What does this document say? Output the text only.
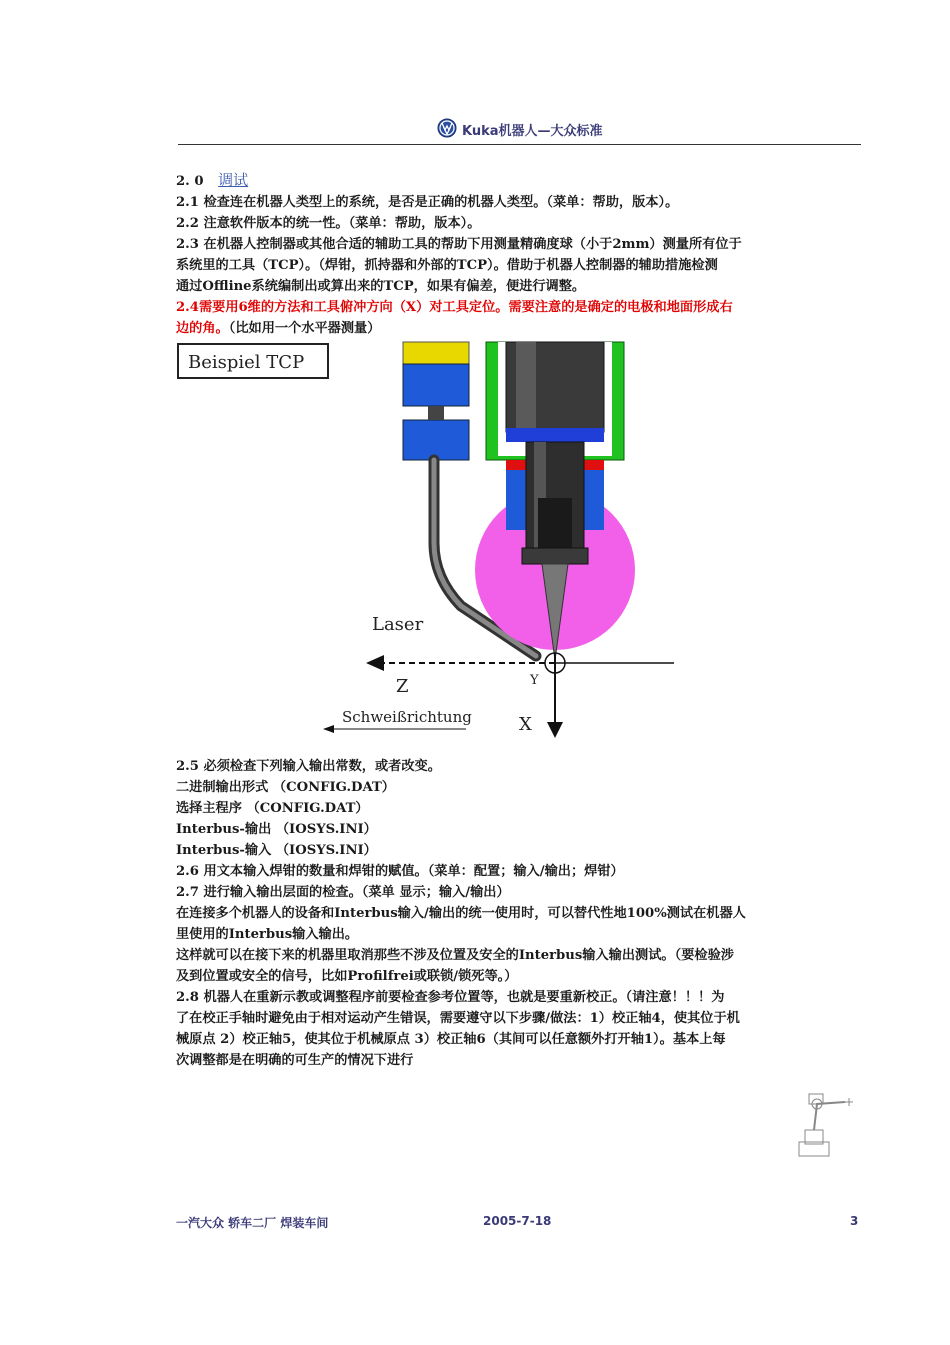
Kuka机器人—大众标准
2. 0 调试
2.1 检查连在机器人类型上的系统，是否是正确的机器人类型。（菜单：帮助，版本）。
2.2 注意软件版本的统一性。（菜单：帮助，版本）。
2.3 在机器人控制器或其他合适的辅助工具的帮助下用测量精确度球（小于2mm）测量所有位于
系统里的工具（TCP）。（焊钳，抓持器和外部的TCP）。借助于机器人控制器的辅助措施检测
通过Offline系统编制出或算出来的TCP，如果有偏差，便进行调整。
2.4需要用6维的方法和工具俯冲方向（X）对工具定位。需要注意的是确定的电极和地面形成右
边的角。（比如用一个水平器测量）
Beispiel TCP
Laser
Z	Y
X
Schweißrichtung
2.5 必须检查下列输入输出常数，或者改变。
二进制输出形式 （CONFIG.DAT）
选择主程序 （CONFIG.DAT）
Interbus-输出 （IOSYS.INI）
Interbus-输入 （IOSYS.INI）
2.6 用文本输入焊钳的数量和焊钳的赋值。（菜单：配置；输入/输出；焊钳）
2.7 进行输入输出层面的检查。（菜单 显示；输入/输出）
在连接多个机器人的设备和Interbus输入/输出的统一使用时，可以替代性地100%测试在机器人
里使用的Interbus输入输出。
这样就可以在接下来的机器里取消那些不涉及位置及安全的Interbus输入输出测试。（要检验涉
及到位置或安全的信号，比如Profilfrei或联锁/锁死等。）
2.8 机器人在重新示教或调整程序前要检查参考位置等，也就是要重新校正。（请注意！！！为
了在校正手轴时避免由于相对运动产生错误，需要遵守以下步骤/做法：1）校正轴4，使其位于机
械原点 2）校正轴5，使其位于机械原点 3）校正轴6（其间可以任意额外打开轴1）。基本上每
次调整都是在明确的可生产的情况下进行
一汽大众 轿车二厂 焊装车间	2005-7-18	3
